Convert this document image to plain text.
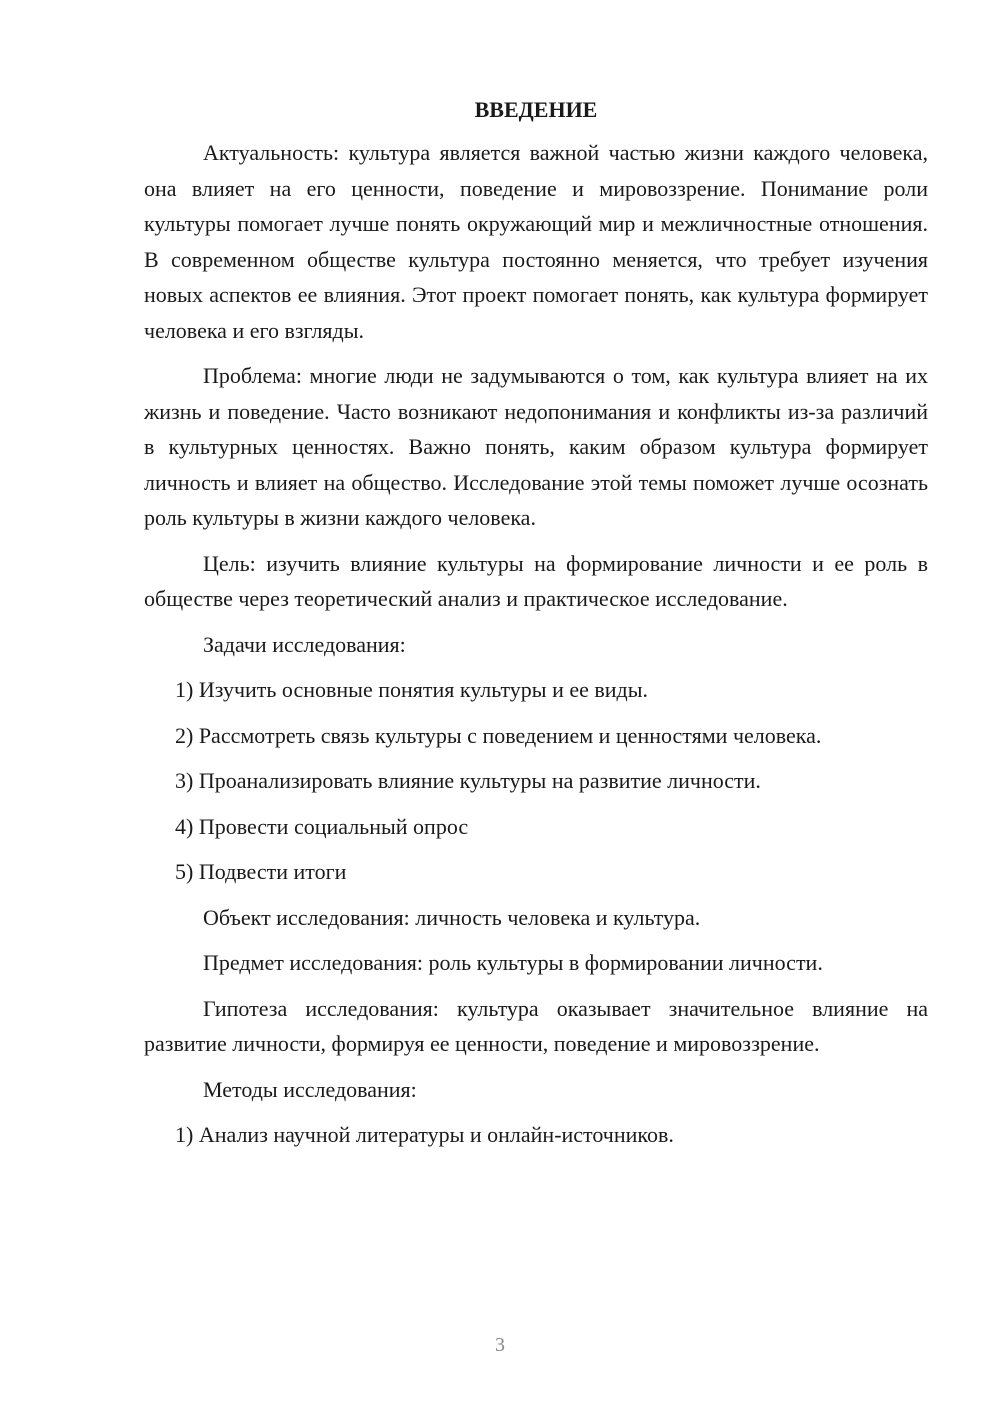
ВВЕДЕНИЕ

Актуальность: культура является важной частью жизни каждого человека, она влияет на его ценности, поведение и мировоззрение. Понимание роли культуры помогает лучше понять окружающий мир и межличностные отношения. В современном обществе культура постоянно меняется, что требует изучения новых аспектов ее влияния. Этот проект помогает понять, как культура формирует человека и его взгляды.

Проблема: многие люди не задумываются о том, как культура влияет на их жизнь и поведение. Часто возникают недопонимания и конфликты из-за различий в культурных ценностях. Важно понять, каким образом культура формирует личность и влияет на общество. Исследование этой темы поможет лучше осознать роль культуры в жизни каждого человека.

Цель: изучить влияние культуры на формирование личности и ее роль в обществе через теоретический анализ и практическое исследование.

Задачи исследования:

1) Изучить основные понятия культуры и ее виды.

2) Рассмотреть связь культуры с поведением и ценностями человека.

3) Проанализировать влияние культуры на развитие личности.

4) Провести социальный опрос

5) Подвести итоги

Объект исследования: личность человека и культура.

Предмет исследования: роль культуры в формировании личности.

Гипотеза исследования: культура оказывает значительное влияние на развитие личности, формируя ее ценности, поведение и мировоззрение.

Методы исследования:

1) Анализ научной литературы и онлайн-источников.

3
